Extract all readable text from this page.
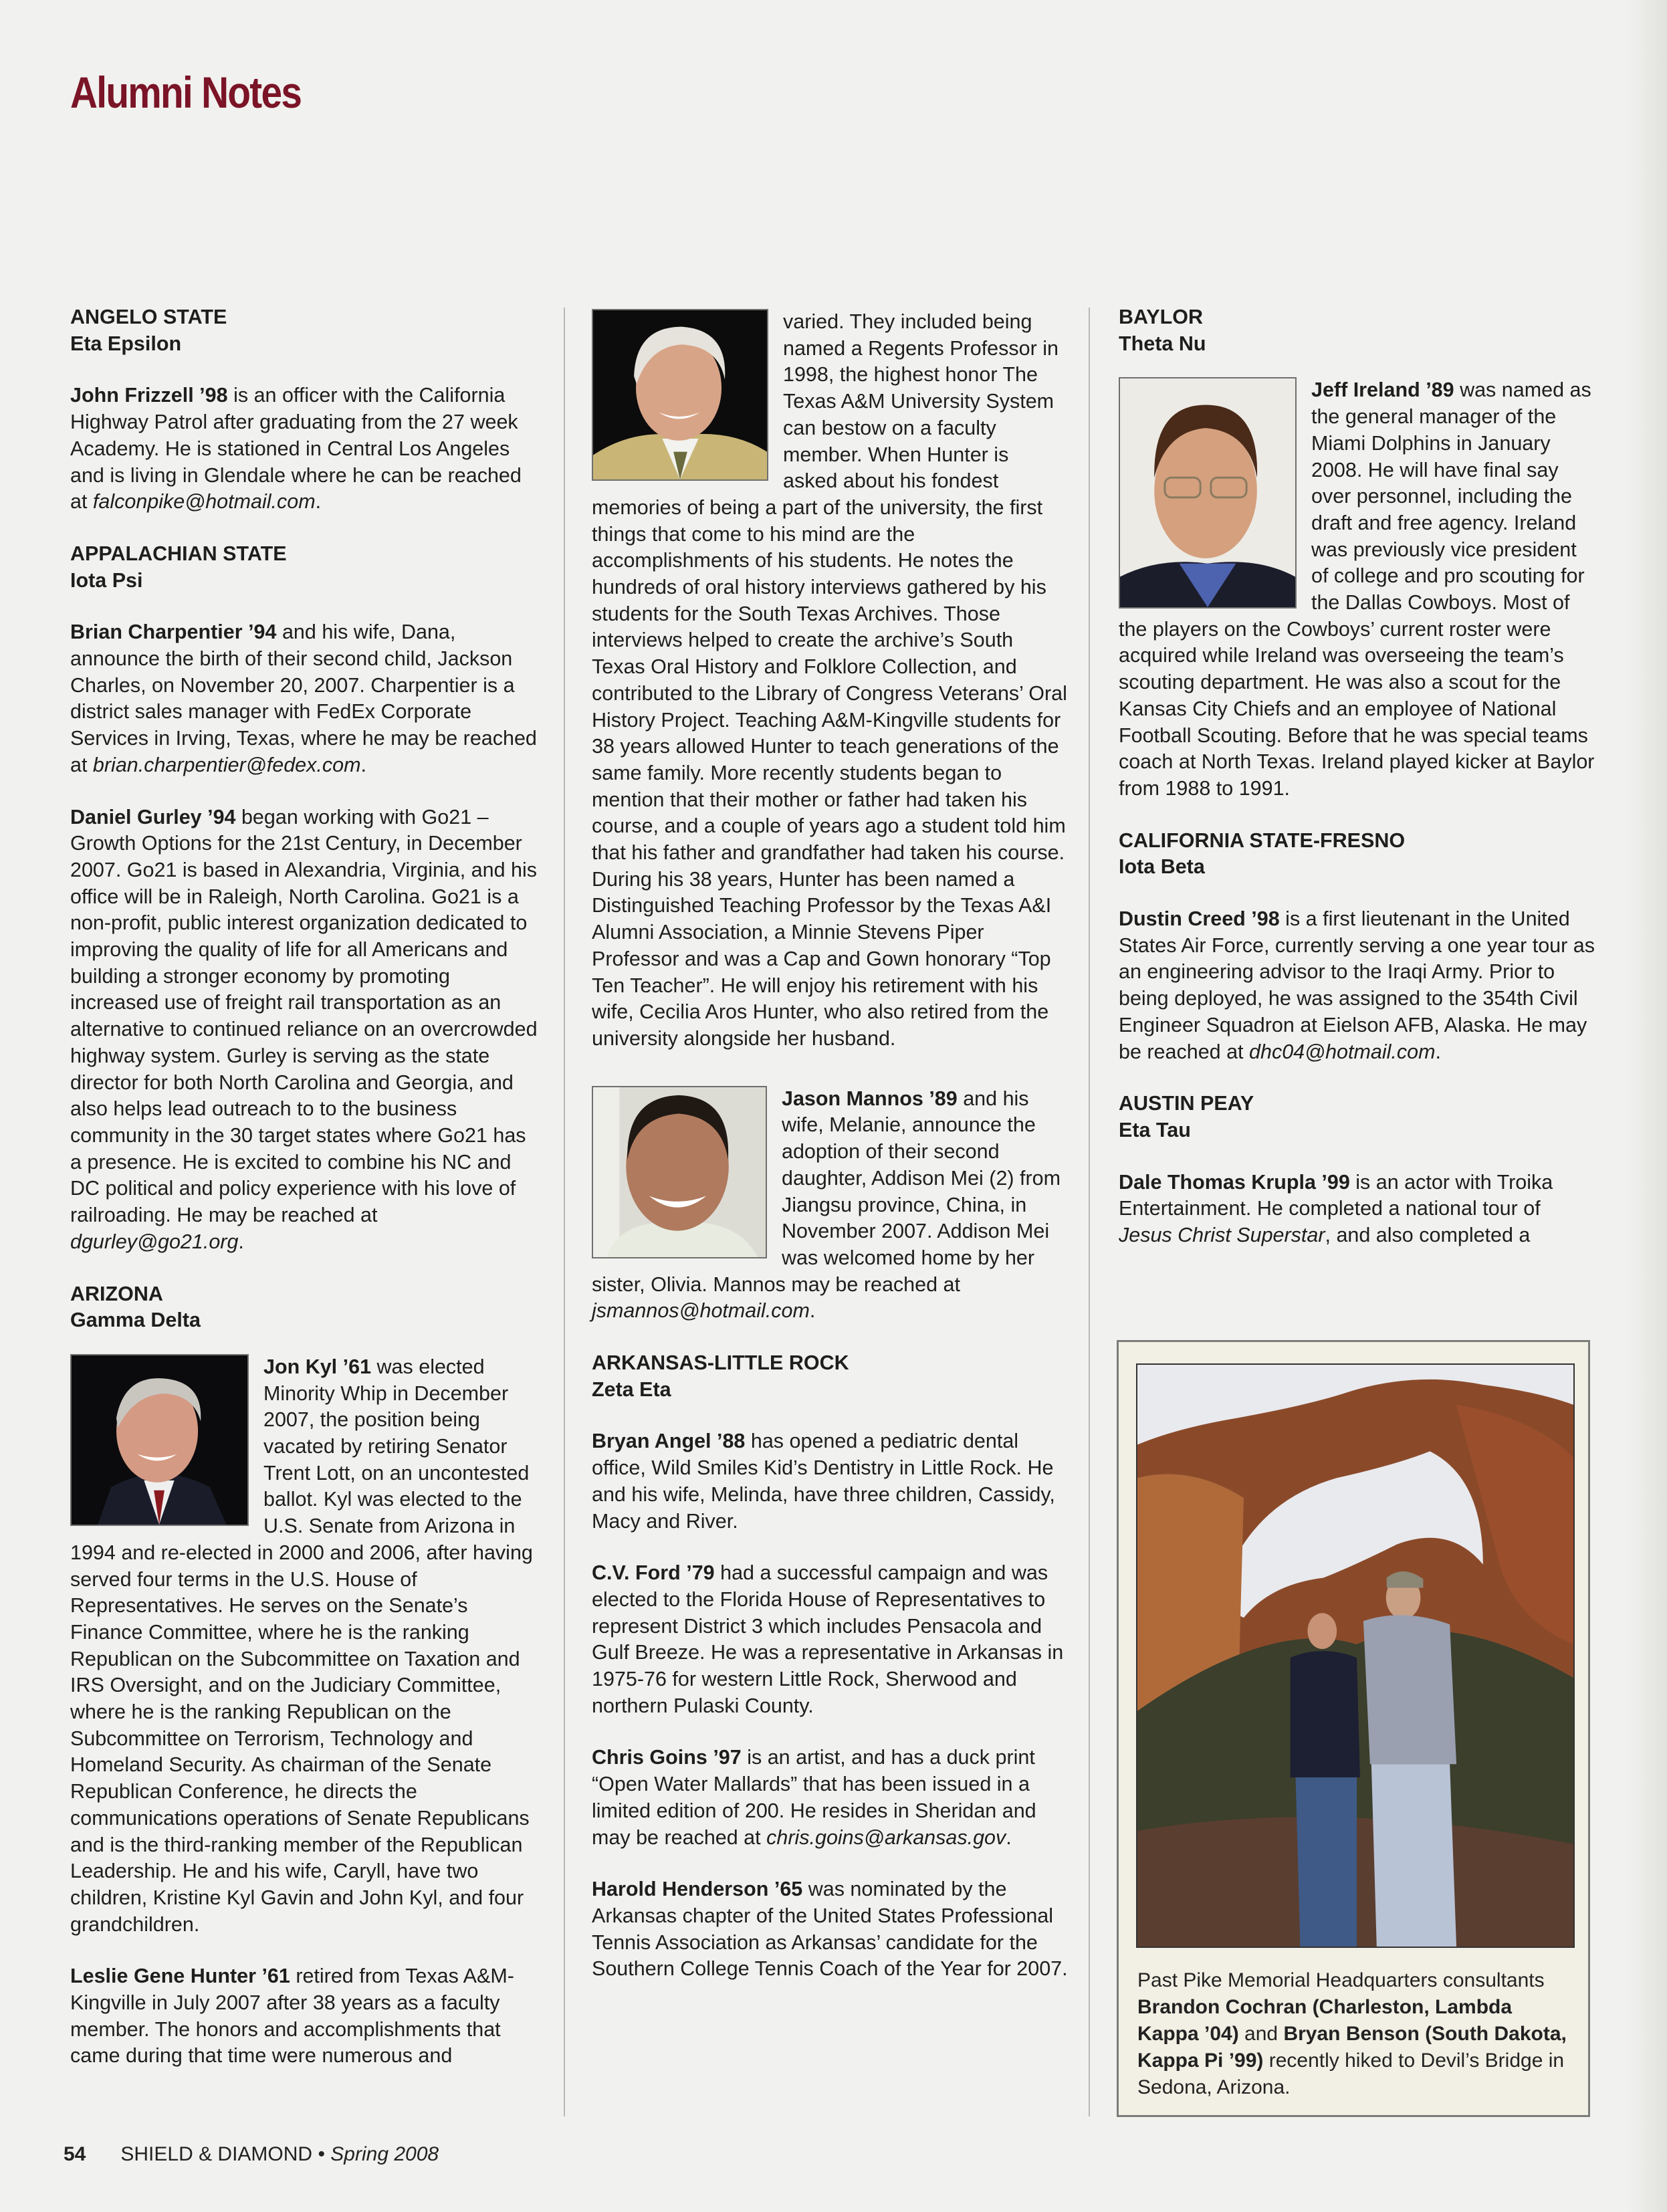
Alumni Notes

ANGELO STATE

Eta Epsilon

John Frizzell ’98 is an officer with the California Highway Patrol after graduating from the 27 week Academy. He is stationed in Central Los Angeles and is living in Glendale where he can be reached at falconpike@hotmail.com.

APPALACHIAN STATE

Iota Psi

Brian Charpentier ’94 and his wife, Dana, announce the birth of their second child, Jackson Charles, on November 20, 2007. Charpentier is a district sales manager with FedEx Corporate Services in Irving, Texas, where he may be reached at brian.charpentier@fedex.com.

Daniel Gurley ’94 began working with Go21 – Growth Options for the 21st Century, in December 2007. Go21 is based in Alexandria, Virginia, and his office will be in Raleigh, North Carolina. Go21 is a non-profit, public interest organization dedicated to improving the quality of life for all Americans and building a stronger economy by promoting increased use of freight rail transportation as an alternative to continued reliance on an overcrowded highway system. Gurley is serving as the state director for both North Carolina and Georgia, and also helps lead outreach to to the business community in the 30 target states where Go21 has a presence. He is excited to combine his NC and DC political and policy experience with his love of railroading. He may be reached at dgurley@go21.org.

ARIZONA

Gamma Delta

Jon Kyl ’61 was elected Minority Whip in December 2007, the position being vacated by retiring Senator Trent Lott, on an uncontested ballot. Kyl was elected to the U.S. Senate from Arizona in 1994 and re-elected in 2000 and 2006, after having served four terms in the U.S. House of Representatives. He serves on the Senate’s Finance Committee, where he is the ranking Republican on the Subcommittee on Taxation and IRS Oversight, and on the Judiciary Committee, where he is the ranking Republican on the Subcommittee on Terrorism, Technology and Homeland Security. As chairman of the Senate Republican Conference, he directs the communications operations of Senate Republicans and is the third-ranking member of the Republican Leadership. He and his wife, Caryll, have two children, Kristine Kyl Gavin and John Kyl, and four grandchildren.

Leslie Gene Hunter ’61 retired from Texas A&M-Kingville in July 2007 after 38 years as a faculty member. The honors and accomplishments that came during that time were numerous and

varied. They included being named a Regents Professor in 1998, the highest honor The Texas A&M University System can bestow on a faculty member. When Hunter is asked about his fondest memories of being a part of the university, the first things that come to his mind are the accomplishments of his students. He notes the hundreds of oral history interviews gathered by his students for the South Texas Archives. Those interviews helped to create the archive’s South Texas Oral History and Folklore Collection, and contributed to the Library of Congress Veterans’ Oral History Project. Teaching A&M-Kingville students for 38 years allowed Hunter to teach generations of the same family. More recently students began to mention that their mother or father had taken his course, and a couple of years ago a student told him that his father and grandfather had taken his course. During his 38 years, Hunter has been named a Distinguished Teaching Professor by the Texas A&I Alumni Association, a Minnie Stevens Piper Professor and was a Cap and Gown honorary “Top Ten Teacher”. He will enjoy his retirement with his wife, Cecilia Aros Hunter, who also retired from the university alongside her husband.

Jason Mannos ’89 and his wife, Melanie, announce the adoption of their second daughter, Addison Mei (2) from Jiangsu province, China, in November 2007. Addison Mei was welcomed home by her sister, Olivia. Mannos may be reached at jsmannos@hotmail.com.

ARKANSAS-LITTLE ROCK

Zeta Eta

Bryan Angel ’88 has opened a pediatric dental office, Wild Smiles Kid’s Dentistry in Little Rock. He and his wife, Melinda, have three children, Cassidy, Macy and River.

C.V. Ford ’79 had a successful campaign and was elected to the Florida House of Representatives to represent District 3 which includes Pensacola and Gulf Breeze. He was a representative in Arkansas in 1975-76 for western Little Rock, Sherwood and northern Pulaski County.

Chris Goins ’97 is an artist, and has a duck print “Open Water Mallards” that has been issued in a limited edition of 200. He resides in Sheridan and may be reached at chris.goins@arkansas.gov.

Harold Henderson ’65 was nominated by the Arkansas chapter of the United States Professional Tennis Association as Arkansas’ candidate for the Southern College Tennis Coach of the Year for 2007.

BAYLOR

Theta Nu

Jeff Ireland ’89 was named as the general manager of the Miami Dolphins in January 2008. He will have final say over personnel, including the draft and free agency. Ireland was previously vice president of college and pro scouting for the Dallas Cowboys. Most of the players on the Cowboys’ current roster were acquired while Ireland was overseeing the team’s scouting department. He was also a scout for the Kansas City Chiefs and an employee of National Football Scouting. Before that he was special teams coach at North Texas. Ireland played kicker at Baylor from 1988 to 1991.

CALIFORNIA STATE-FRESNO

Iota Beta

Dustin Creed ’98 is a first lieutenant in the United States Air Force, currently serving a one year tour as an engineering advisor to the Iraqi Army. Prior to being deployed, he was assigned to the 354th Civil Engineer Squadron at Eielson AFB, Alaska. He may be reached at dhc04@hotmail.com.

AUSTIN PEAY

Eta Tau

Dale Thomas Krupla ’99 is an actor with Troika Entertainment. He completed a national tour of Jesus Christ Superstar, and also completed a

Past Pike Memorial Headquarters consultants Brandon Cochran (Charleston, Lambda Kappa ’04) and Bryan Benson (South Dakota, Kappa Pi ’99) recently hiked to Devil’s Bridge in Sedona, Arizona.
54 SHIELD & DIAMOND • Spring 2008
